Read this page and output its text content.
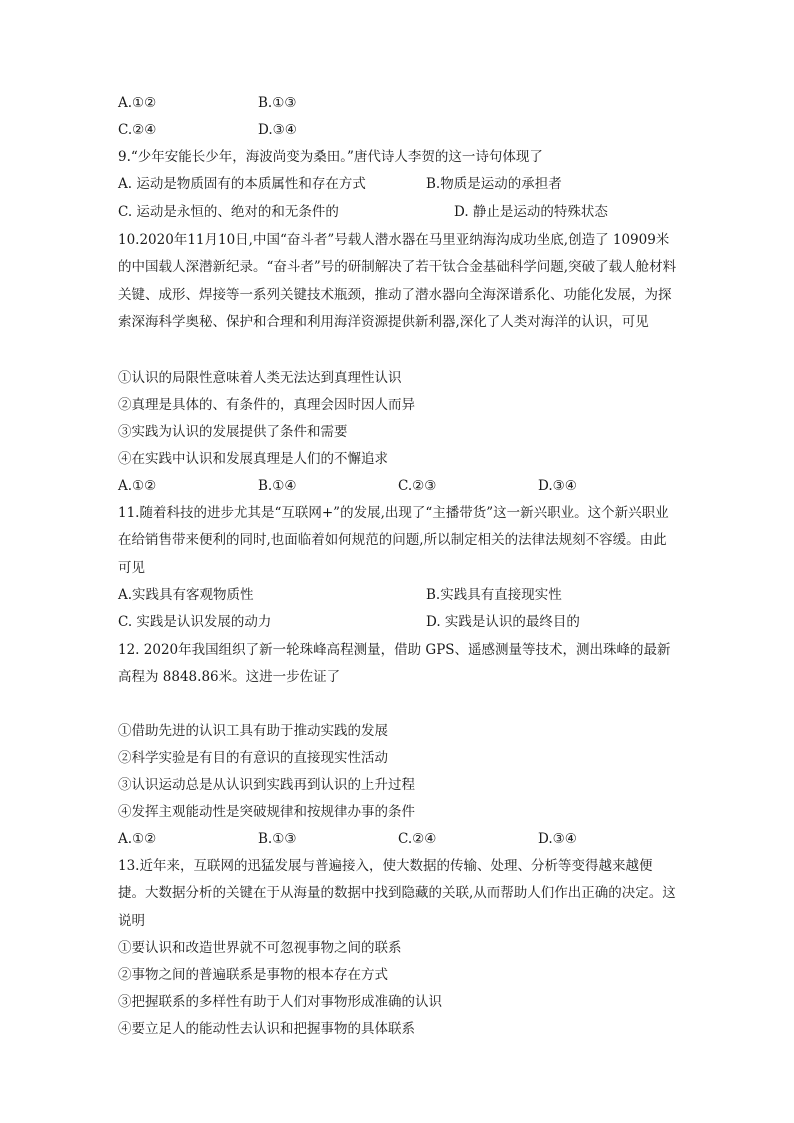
A.①②	B.①③
C.②④	D.③④
9.“少年安能长少年，海波尚变为桑田。”唐代诗人李贺的这一诗句体现了
A. 运动是物质固有的本质属性和存在方式	B.物质是运动的承担者
C. 运动是永恒的、绝对的和无条件的	D. 静止是运动的特殊状态
10.2020年11月10日,中国“奋斗者”号载人潜水器在马里亚纳海沟成功坐底,创造了 10909米的中国载人深潜新纪录。“奋斗者”号的研制解决了若干钛合金基础科学问题,突破了载人舱材料关键、成形、焊接等一系列关键技术瓶颈，推动了潜水器向全海深谱系化、功能化发展，为探索深海科学奥秘、保护和合理和利用海洋资源提供新利器,深化了人类对海洋的认识，可见
①认识的局限性意味着人类无法达到真理性认识
②真理是具体的、有条件的，真理会因时因人而异
③实践为认识的发展提供了条件和需要
④在实践中认识和发展真理是人们的不懈追求
A.①②	B.①④	C.②③	D.③④
11.随着科技的进步尤其是“互联网+”的发展,出现了“主播带货”这一新兴职业。这个新兴职业在给销售带来便利的同时,也面临着如何规范的问题,所以制定相关的法律法规刻不容缓。由此可见
A.实践具有客观物质性	B.实践具有直接现实性
C. 实践是认识发展的动力	D. 实践是认识的最终目的
12. 2020年我国组织了新一轮珠峰高程测量，借助 GPS、遥感测量等技术，测出珠峰的最新高程为 8848.86米。这进一步佐证了
①借助先进的认识工具有助于推动实践的发展
②科学实验是有目的有意识的直接现实性活动
③认识运动总是从认识到实践再到认识的上升过程
④发挥主观能动性是突破规律和按规律办事的条件
A.①②	B.①③	C.②④	D.③④
13.近年来，互联网的迅猛发展与普遍接入，使大数据的传输、处理、分析等变得越来越便捷。大数据分析的关键在于从海量的数据中找到隐藏的关联,从而帮助人们作出正确的决定。这说明
①要认识和改造世界就不可忽视事物之间的联系
②事物之间的普遍联系是事物的根本存在方式
③把握联系的多样性有助于人们对事物形成准确的认识
④要立足人的能动性去认识和把握事物的具体联系
